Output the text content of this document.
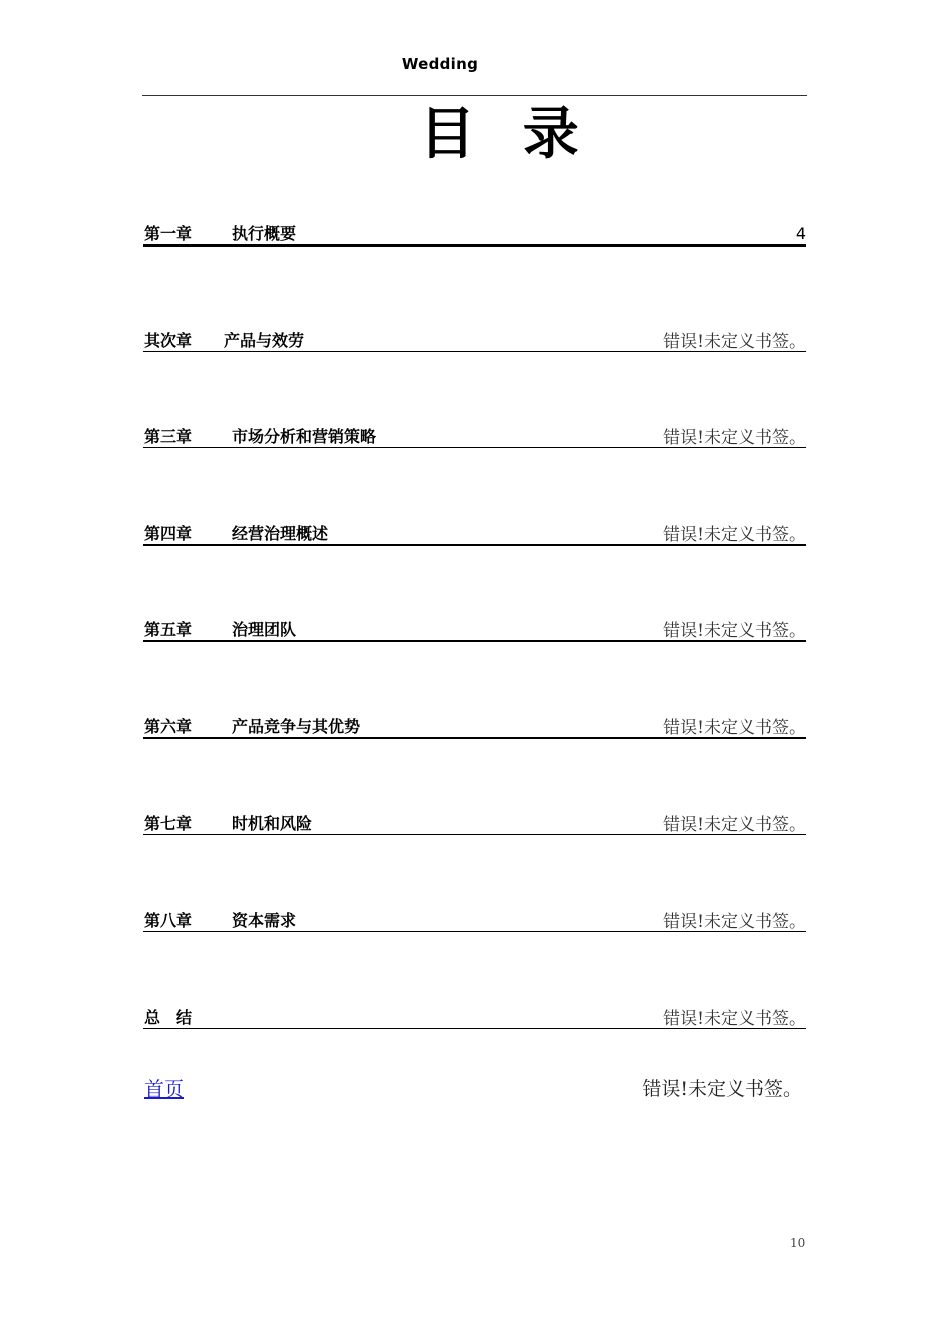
Wedding
目 录
第一章 执行概要	4
其次章 产品与效劳	错误!未定义书签。
第三章 市场分析和营销策略	错误!未定义书签。
第四章 经营治理概述	错误!未定义书签。
第五章 治理团队	错误!未定义书签。
第六章 产品竞争与其优势	错误!未定义书签。
第七章 时机和风险	错误!未定义书签。
第八章 资本需求	错误!未定义书签。
总　结	错误!未定义书签。
首页	错误!未定义书签。
10
